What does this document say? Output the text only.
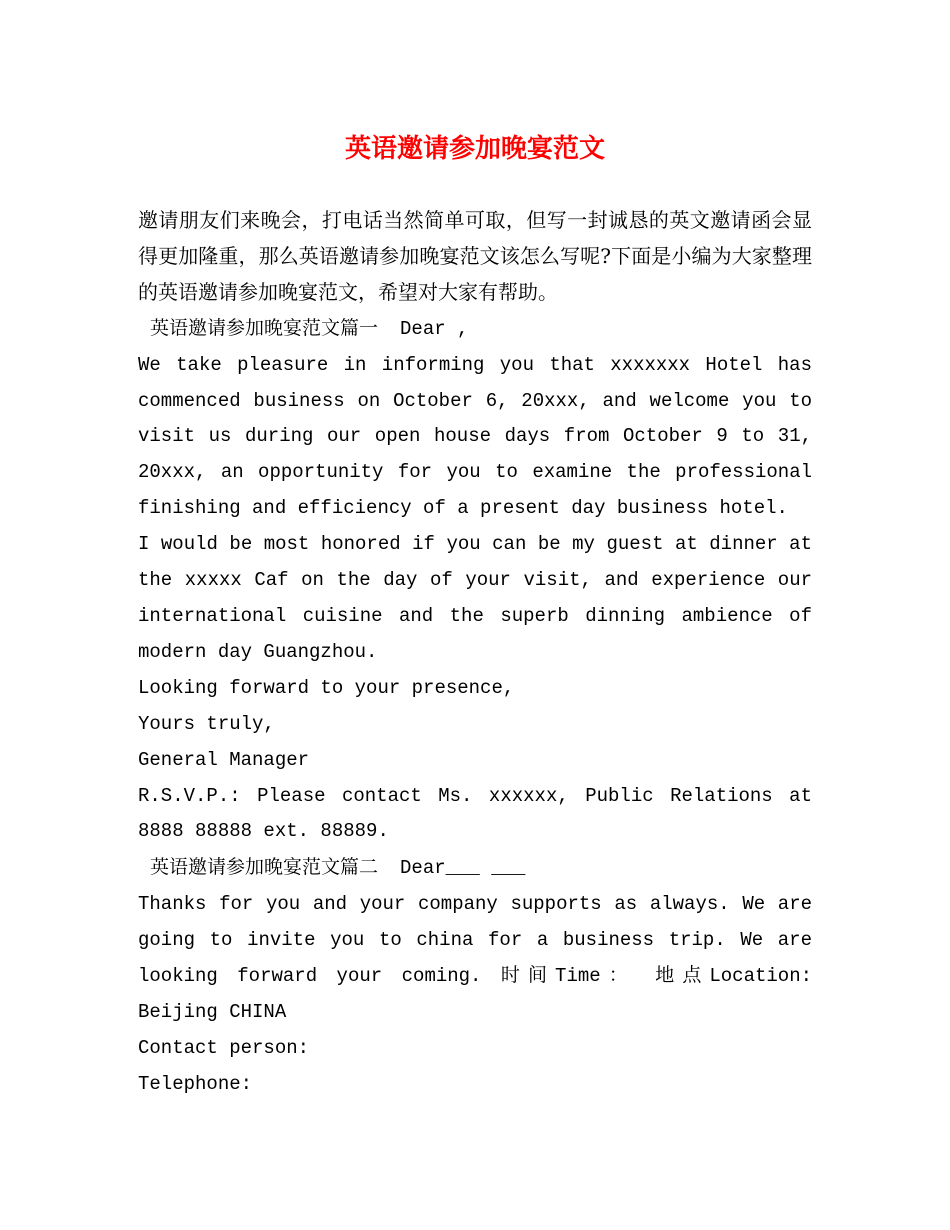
英语邀请参加晚宴范文

邀请朋友们来晚会，打电话当然简单可取，但写一封诚恳的英文邀请函会显得更加隆重，那么英语邀请参加晚宴范文该怎么写呢?下面是小编为大家整理的英语邀请参加晚宴范文，希望对大家有帮助。

英语邀请参加晚宴范文篇一 Dear ,

We take pleasure in informing you that xxxxxxx Hotel has commenced business on October 6, 20xxx, and welcome you to visit us during our open house days from October 9 to 31, 20xxx, an opportunity for you to examine the professional finishing and efficiency of a present day business hotel.

I would be most honored if you can be my guest at dinner at the xxxxx Caf on the day of your visit, and experience our international cuisine and the superb dinning ambience of modern day Guangzhou.

Looking forward to your presence,

Yours truly,

General Manager

R.S.V.P.: Please contact Ms. xxxxxx, Public Relations at 8888 88888 ext. 88889.

英语邀请参加晚宴范文篇二 Dear___ ___

Thanks for you and your company supports as always. We are going to invite you to china for a business trip. We are looking forward your coming. 时间Time： 地点Location: Beijing CHINA

Contact person:

Telephone:
